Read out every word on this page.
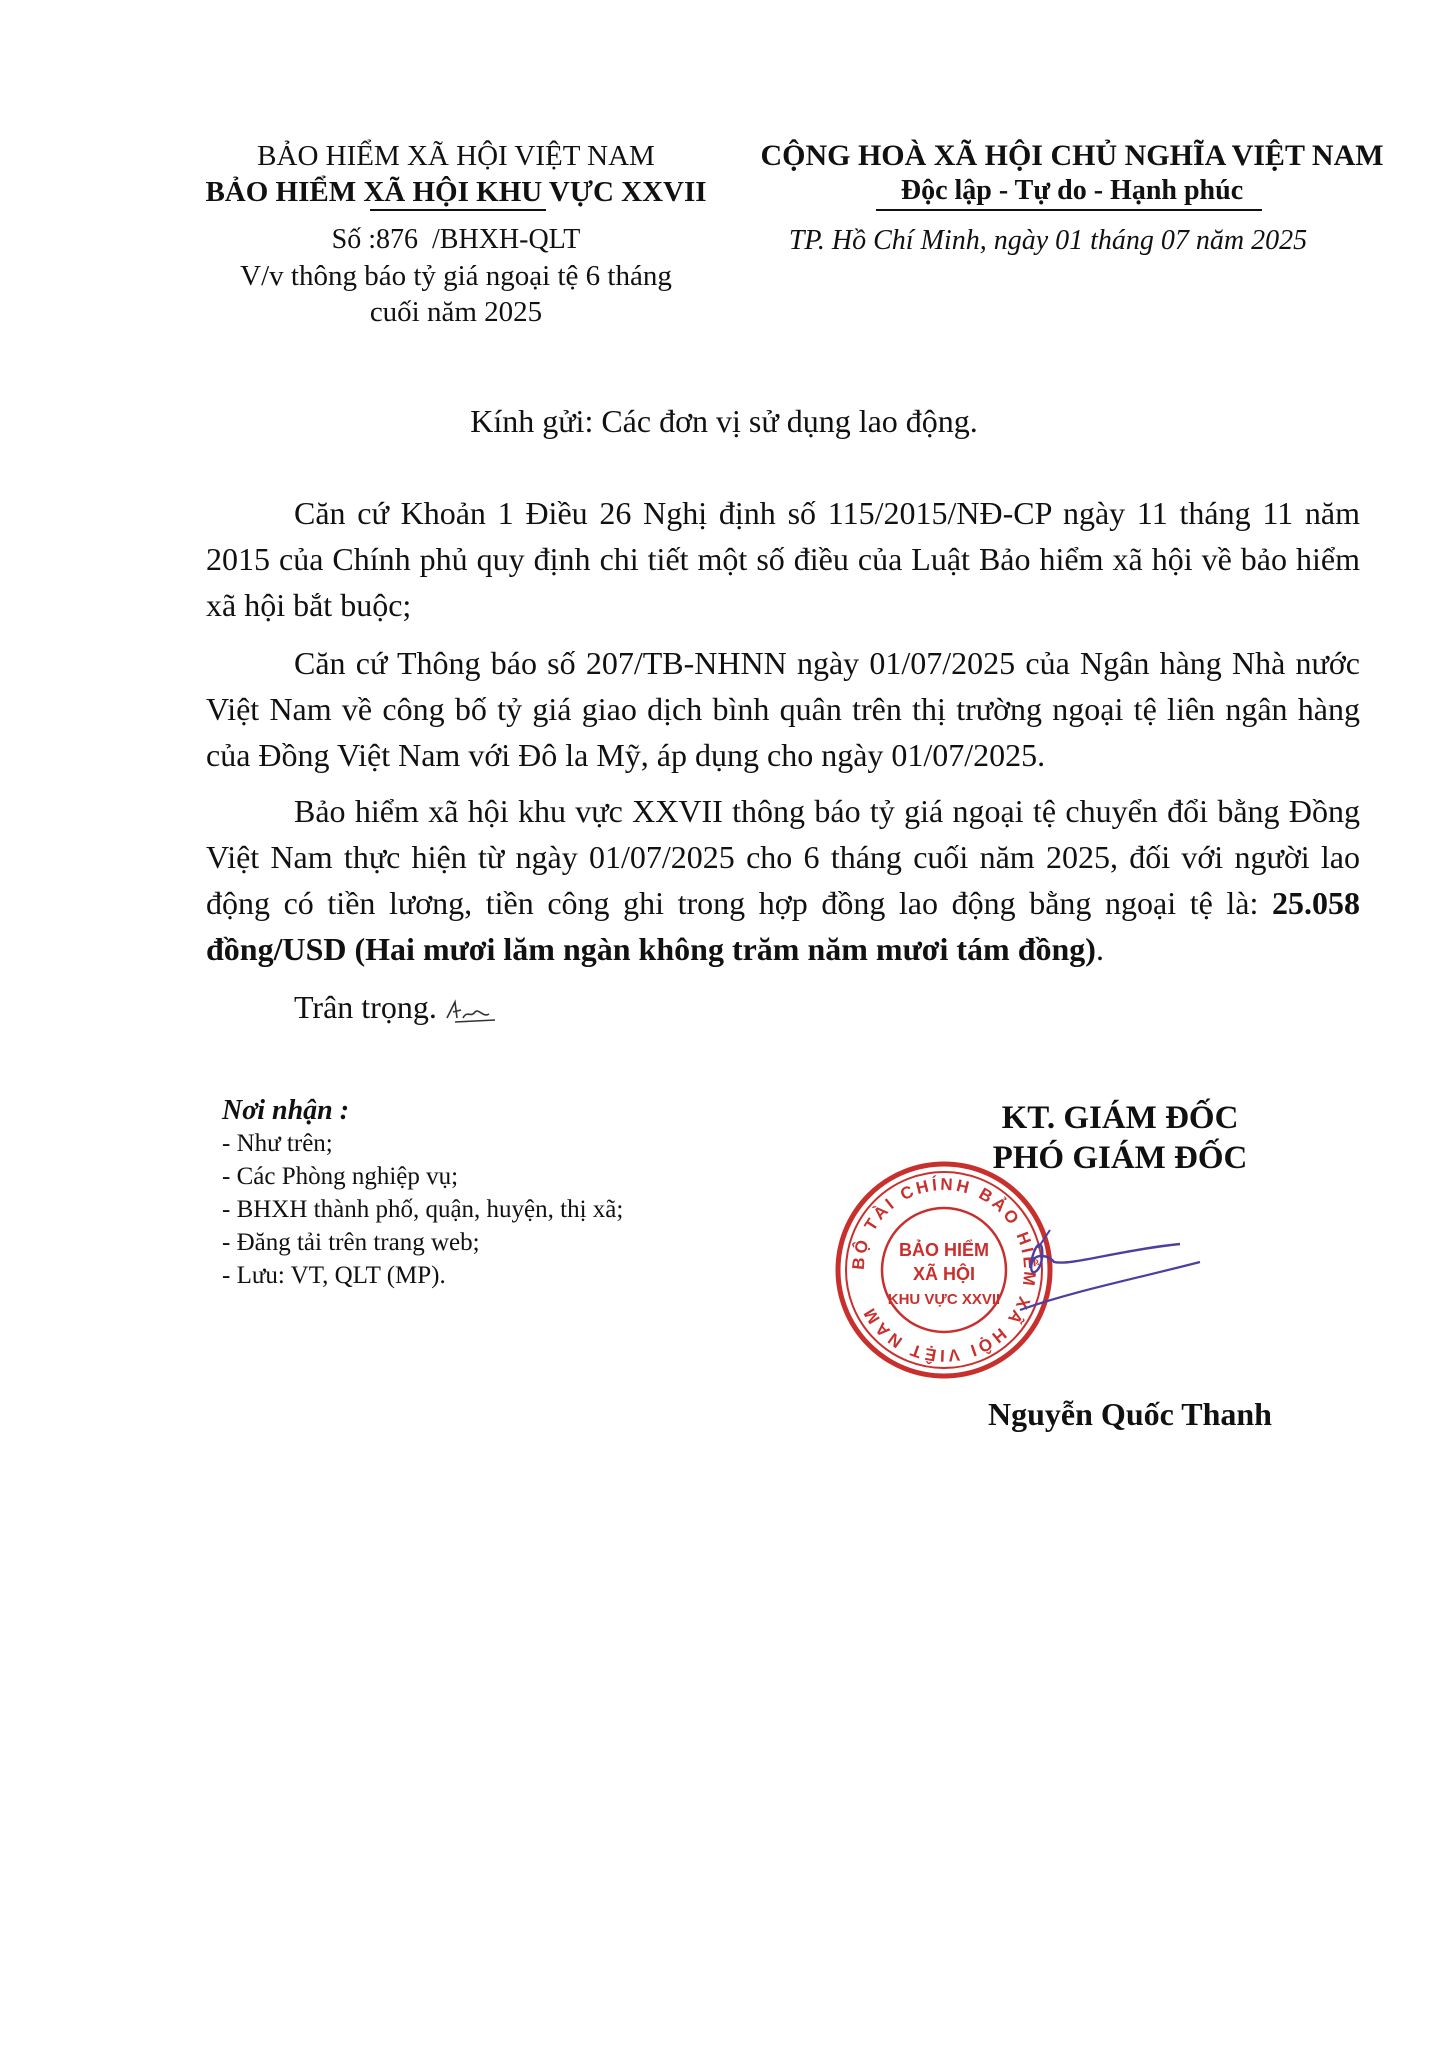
BẢO HIỂM XÃ HỘI VIỆT NAM
BẢO HIỂM XÃ HỘI KHU VỰC XXVII
Số :876 /BHXH-QLT
V/v thông báo tỷ giá ngoại tệ 6 tháng
cuối năm 2025
CỘNG HOÀ XÃ HỘI CHỦ NGHĨA VIỆT NAM
Độc lập - Tự do - Hạnh phúc
TP. Hồ Chí Minh, ngày 01 tháng 07 năm 2025
Kính gửi: Các đơn vị sử dụng lao động.
Căn cứ Khoản 1 Điều 26 Nghị định số 115/2015/NĐ-CP ngày 11 tháng 11 năm 2015 của Chính phủ quy định chi tiết một số điều của Luật Bảo hiểm xã hội về bảo hiểm xã hội bắt buộc;
Căn cứ Thông báo số 207/TB-NHNN ngày 01/07/2025 của Ngân hàng Nhà nước Việt Nam về công bố tỷ giá giao dịch bình quân trên thị trường ngoại tệ liên ngân hàng của Đồng Việt Nam với Đô la Mỹ, áp dụng cho ngày 01/07/2025.
Bảo hiểm xã hội khu vực XXVII thông báo tỷ giá ngoại tệ chuyển đổi bằng Đồng Việt Nam thực hiện từ ngày 01/07/2025 cho 6 tháng cuối năm 2025, đối với người lao động có tiền lương, tiền công ghi trong hợp đồng lao động bằng ngoại tệ là: 25.058 đồng/USD (Hai mươi lăm ngàn không trăm năm mươi tám đồng).
Trân trọng.
Nơi nhận :
- Như trên;
- Các Phòng nghiệp vụ;
- BHXH thành phố, quận, huyện, thị xã;
- Đăng tải trên trang web;
- Lưu: VT, QLT (MP).
KT. GIÁM ĐỐC
PHÓ GIÁM ĐỐC
BỘ TÀI CHÍNH BẢO HIỂM XÃ HỘI VIỆT NAM
BẢO HIỂM
XÃ HỘI
KHU VỰC XXVII
Nguyễn Quốc Thanh
